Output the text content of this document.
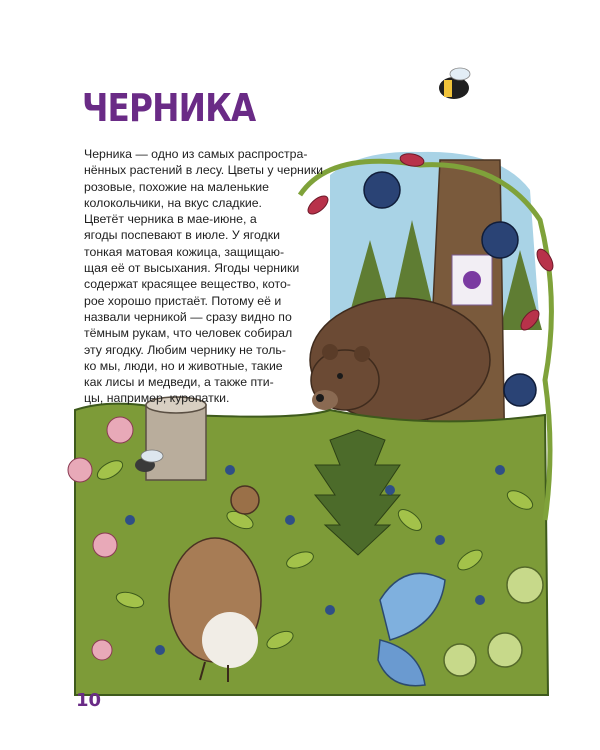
ЧЕРНИКА
Черника — одно из самых распростра-
нённых растений в лесу. Цветы у черники
розовые, похожие на маленькие
колокольчики, на вкус сладкие.
Цветёт черника в мае-июне, а
ягоды поспевают в июле. У ягодки
тонкая матовая кожица, защищаю-
щая её от высыхания. Ягоды черники
содержат красящее вещество, кото-
рое хорошо пристаёт. Потому её и
назвали черникой — сразу видно по
тёмным рукам, что человек собирал
эту ягодку. Любим чернику не толь-
ко мы, люди, но и животные, такие
как лисы и медведи, а также пти-
цы, например, куропатки.
10
